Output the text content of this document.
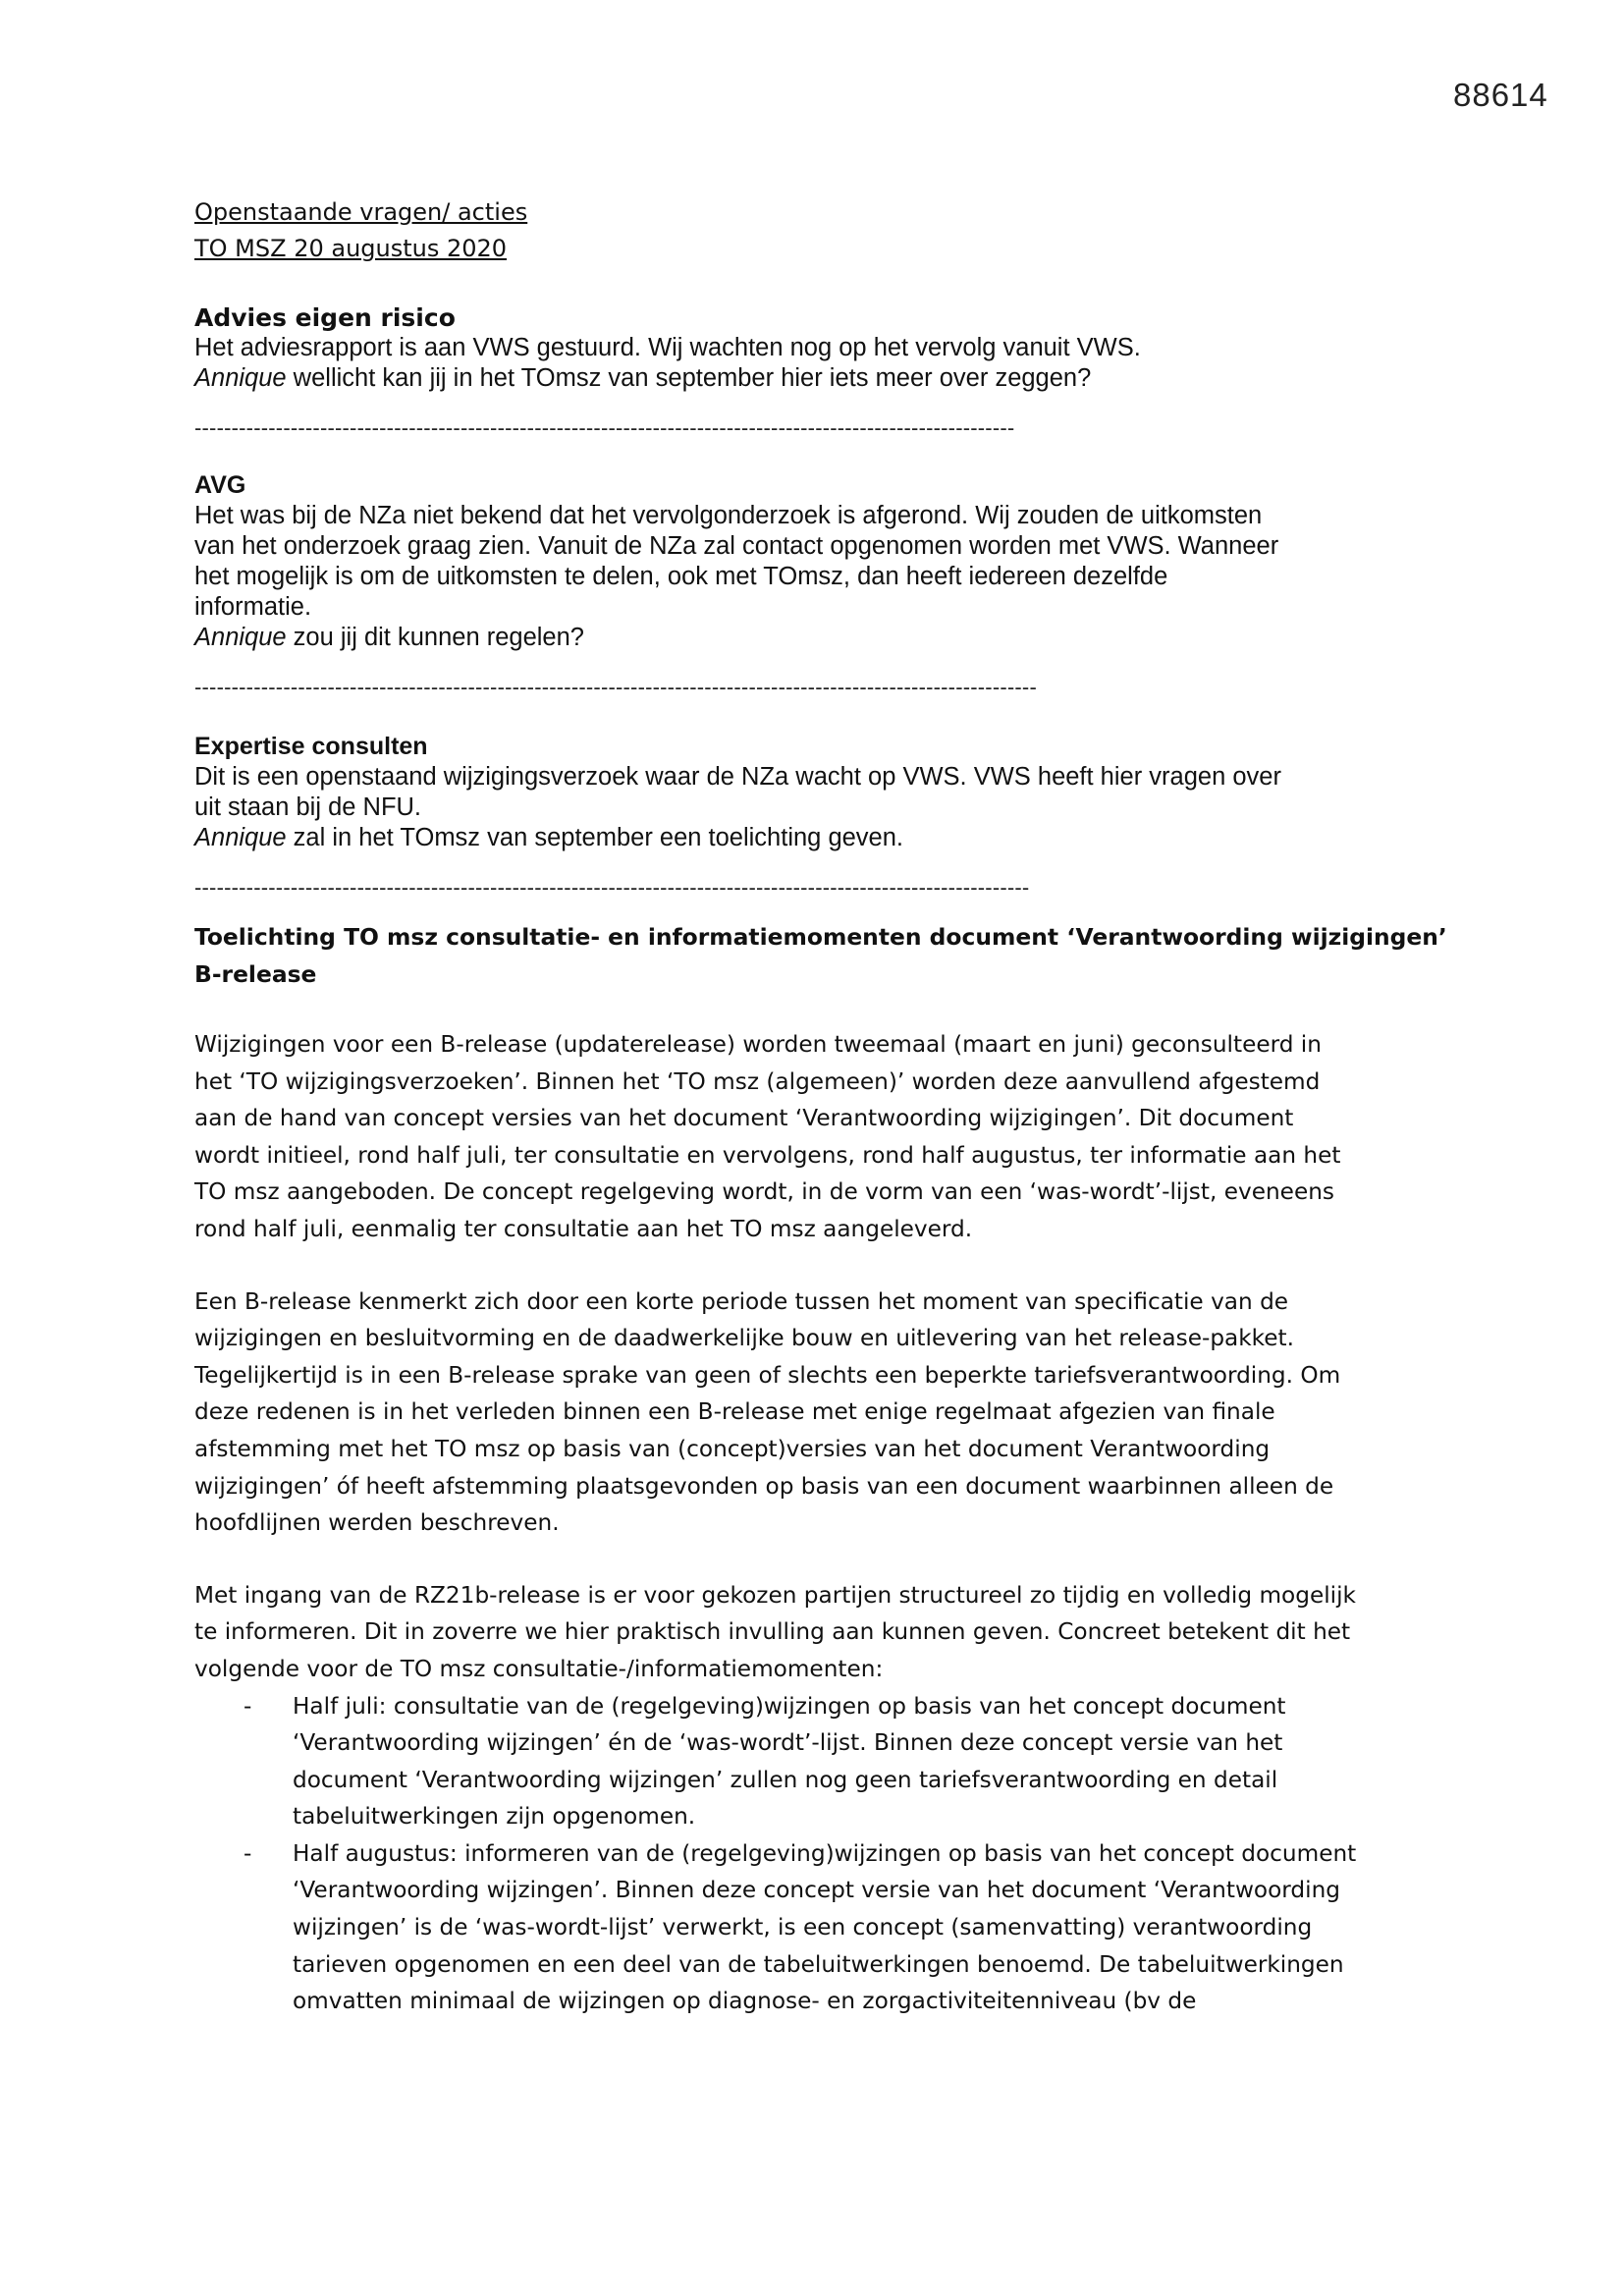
88614
Openstaande vragen/ acties
TO MSZ 20 augustus 2020
Advies eigen risico
Het adviesrapport is aan VWS gestuurd. Wij wachten nog op het vervolg vanuit VWS.
Annique wellicht kan jij in het TOmsz van september hier iets meer over zeggen?
---------------------------------------------------------------------------------------------------------------
AVG
Het was bij de NZa niet bekend dat het vervolgonderzoek is afgerond. Wij zouden de uitkomsten
van het onderzoek graag zien. Vanuit de NZa zal contact opgenomen worden met VWS. Wanneer
het mogelijk is om de uitkomsten te delen, ook met TOmsz, dan heeft iedereen dezelfde
informatie.
Annique zou jij dit kunnen regelen?
------------------------------------------------------------------------------------------------------------------
Expertise consulten
Dit is een openstaand wijzigingsverzoek waar de NZa wacht op VWS. VWS heeft hier vragen over
uit staan bij de NFU.
Annique zal in het TOmsz van september een toelichting geven.
-----------------------------------------------------------------------------------------------------------------
Toelichting TO msz consultatie- en informatiemomenten document ‘Verantwoording wijzigingen’
B-release
Wijzigingen voor een B-release (updaterelease) worden tweemaal (maart en juni) geconsulteerd in
het ‘TO wijzigingsverzoeken’. Binnen het ‘TO msz (algemeen)’ worden deze aanvullend afgestemd
aan de hand van concept versies van het document ‘Verantwoording wijzigingen’. Dit document
wordt initieel, rond half juli, ter consultatie en vervolgens, rond half augustus, ter informatie aan het
TO msz aangeboden. De concept regelgeving wordt, in de vorm van een ‘was-wordt’-lijst, eveneens
rond half juli, eenmalig ter consultatie aan het TO msz aangeleverd.
Een B-release kenmerkt zich door een korte periode tussen het moment van specificatie van de
wijzigingen en besluitvorming en de daadwerkelijke bouw en uitlevering van het release-pakket.
Tegelijkertijd is in een B-release sprake van geen of slechts een beperkte tariefsverantwoording. Om
deze redenen is in het verleden binnen een B-release met enige regelmaat afgezien van finale
afstemming met het TO msz op basis van (concept)versies van het document Verantwoording
wijzigingen’ óf heeft afstemming plaatsgevonden op basis van een document waarbinnen alleen de
hoofdlijnen werden beschreven.
Met ingang van de RZ21b-release is er voor gekozen partijen structureel zo tijdig en volledig mogelijk
te informeren. Dit in zoverre we hier praktisch invulling aan kunnen geven. Concreet betekent dit het
volgende voor de TO msz consultatie-/informatiemomenten:
- Half juli: consultatie van de (regelgeving)wijzingen op basis van het concept document
‘Verantwoording wijzingen’ én de ‘was-wordt’-lijst. Binnen deze concept versie van het
document ‘Verantwoording wijzingen’ zullen nog geen tariefsverantwoording en detail
tabeluitwerkingen zijn opgenomen.
- Half augustus: informeren van de (regelgeving)wijzingen op basis van het concept document
‘Verantwoording wijzingen’. Binnen deze concept versie van het document ‘Verantwoording
wijzingen’ is de ‘was-wordt-lijst’ verwerkt, is een concept (samenvatting) verantwoording
tarieven opgenomen en een deel van de tabeluitwerkingen benoemd. De tabeluitwerkingen
omvatten minimaal de wijzingen op diagnose- en zorgactiviteitenniveau (bv de
